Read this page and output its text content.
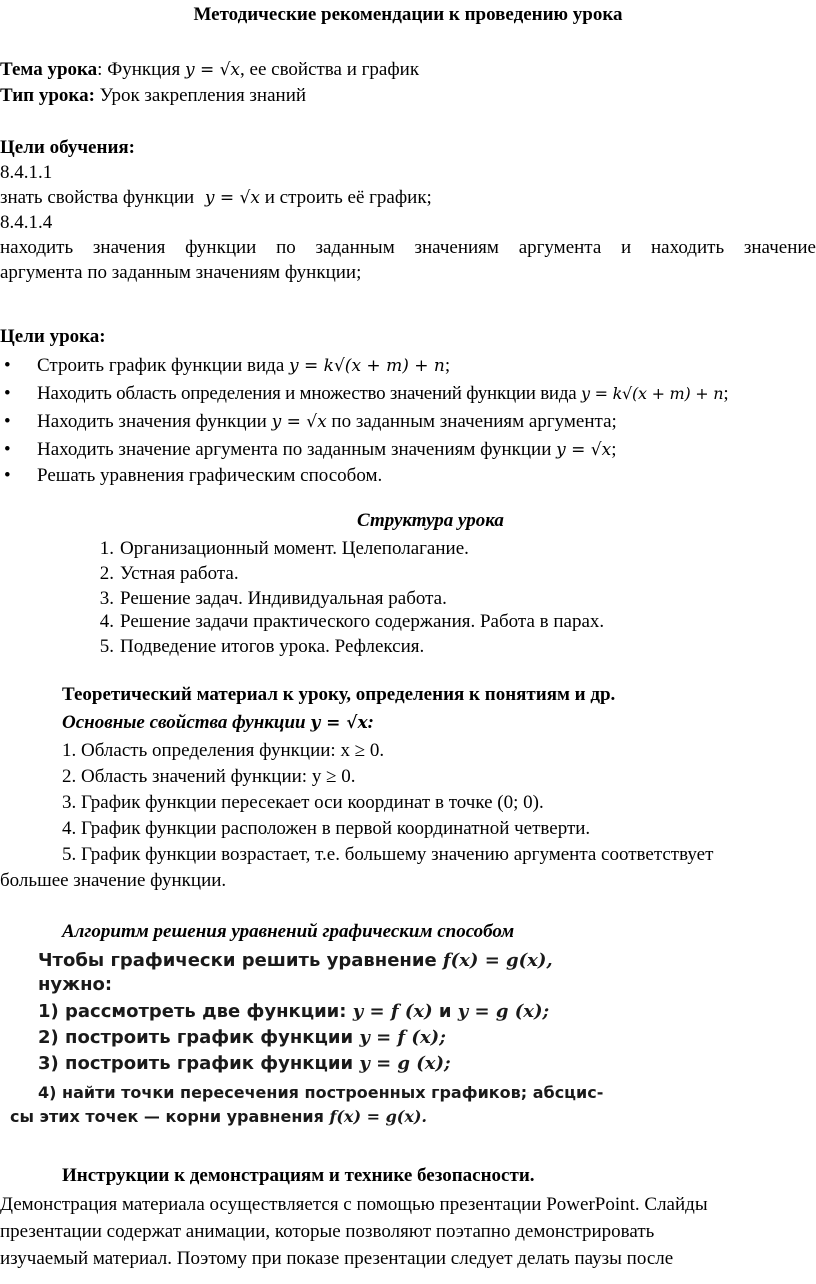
Методические рекомендации к проведению урока
Тема урока: Функция y = √x, ее свойства и график
Тип урока: Урок закрепления знаний
Цели обучения:
8.4.1.1
знать свойства функции y = √x и строить её график;
8.4.1.4
находить значения функции по заданным значениям аргумента и находить значение
аргумента по заданным значениям функции;
Цели урока:
• Строить график функции вида y = k√(x + m) + n;
• Находить область определения и множество значений функции вида y = k√(x + m) + n;
• Находить значения функции y = √x по заданным значениям аргумента;
• Находить значение аргумента по заданным значениям функции y = √x;
• Решать уравнения графическим способом.
Структура урока
1. Организационный момент. Целеполагание.
2. Устная работа.
3. Решение задач. Индивидуальная работа.
4. Решение задачи практического содержания. Работа в парах.
5. Подведение итогов урока. Рефлексия.
Теоретический материал к уроку, определения к понятиям и др.
Основные свойства функции y = √x:
1. Область определения функции: x ≥ 0.
2. Область значений функции: y ≥ 0.
3. График функции пересекает оси координат в точке (0; 0).
4. График функции расположен в первой координатной четверти.
5. График функции возрастает, т.е. большему значению аргумента соответствует
большее значение функции.
Алгоритм решения уравнений графическим способом
Чтобы графически решить уравнение f(x) = g(x),
нужно:
1) рассмотреть две функции: y = f (x) и y = g (x);
2) построить график функции y = f (x);
3) построить график функции y = g (x);
4) найти точки пересечения построенных графиков; абсцис-
сы этих точек — корни уравнения f(x) = g(x).
Инструкции к демонстрациям и технике безопасности.
Демонстрация материала осуществляется с помощью презентации PowerPoint. Слайды
презентации содержат анимации, которые позволяют поэтапно демонстрировать
изучаемый материал. Поэтому при показе презентации следует делать паузы после
